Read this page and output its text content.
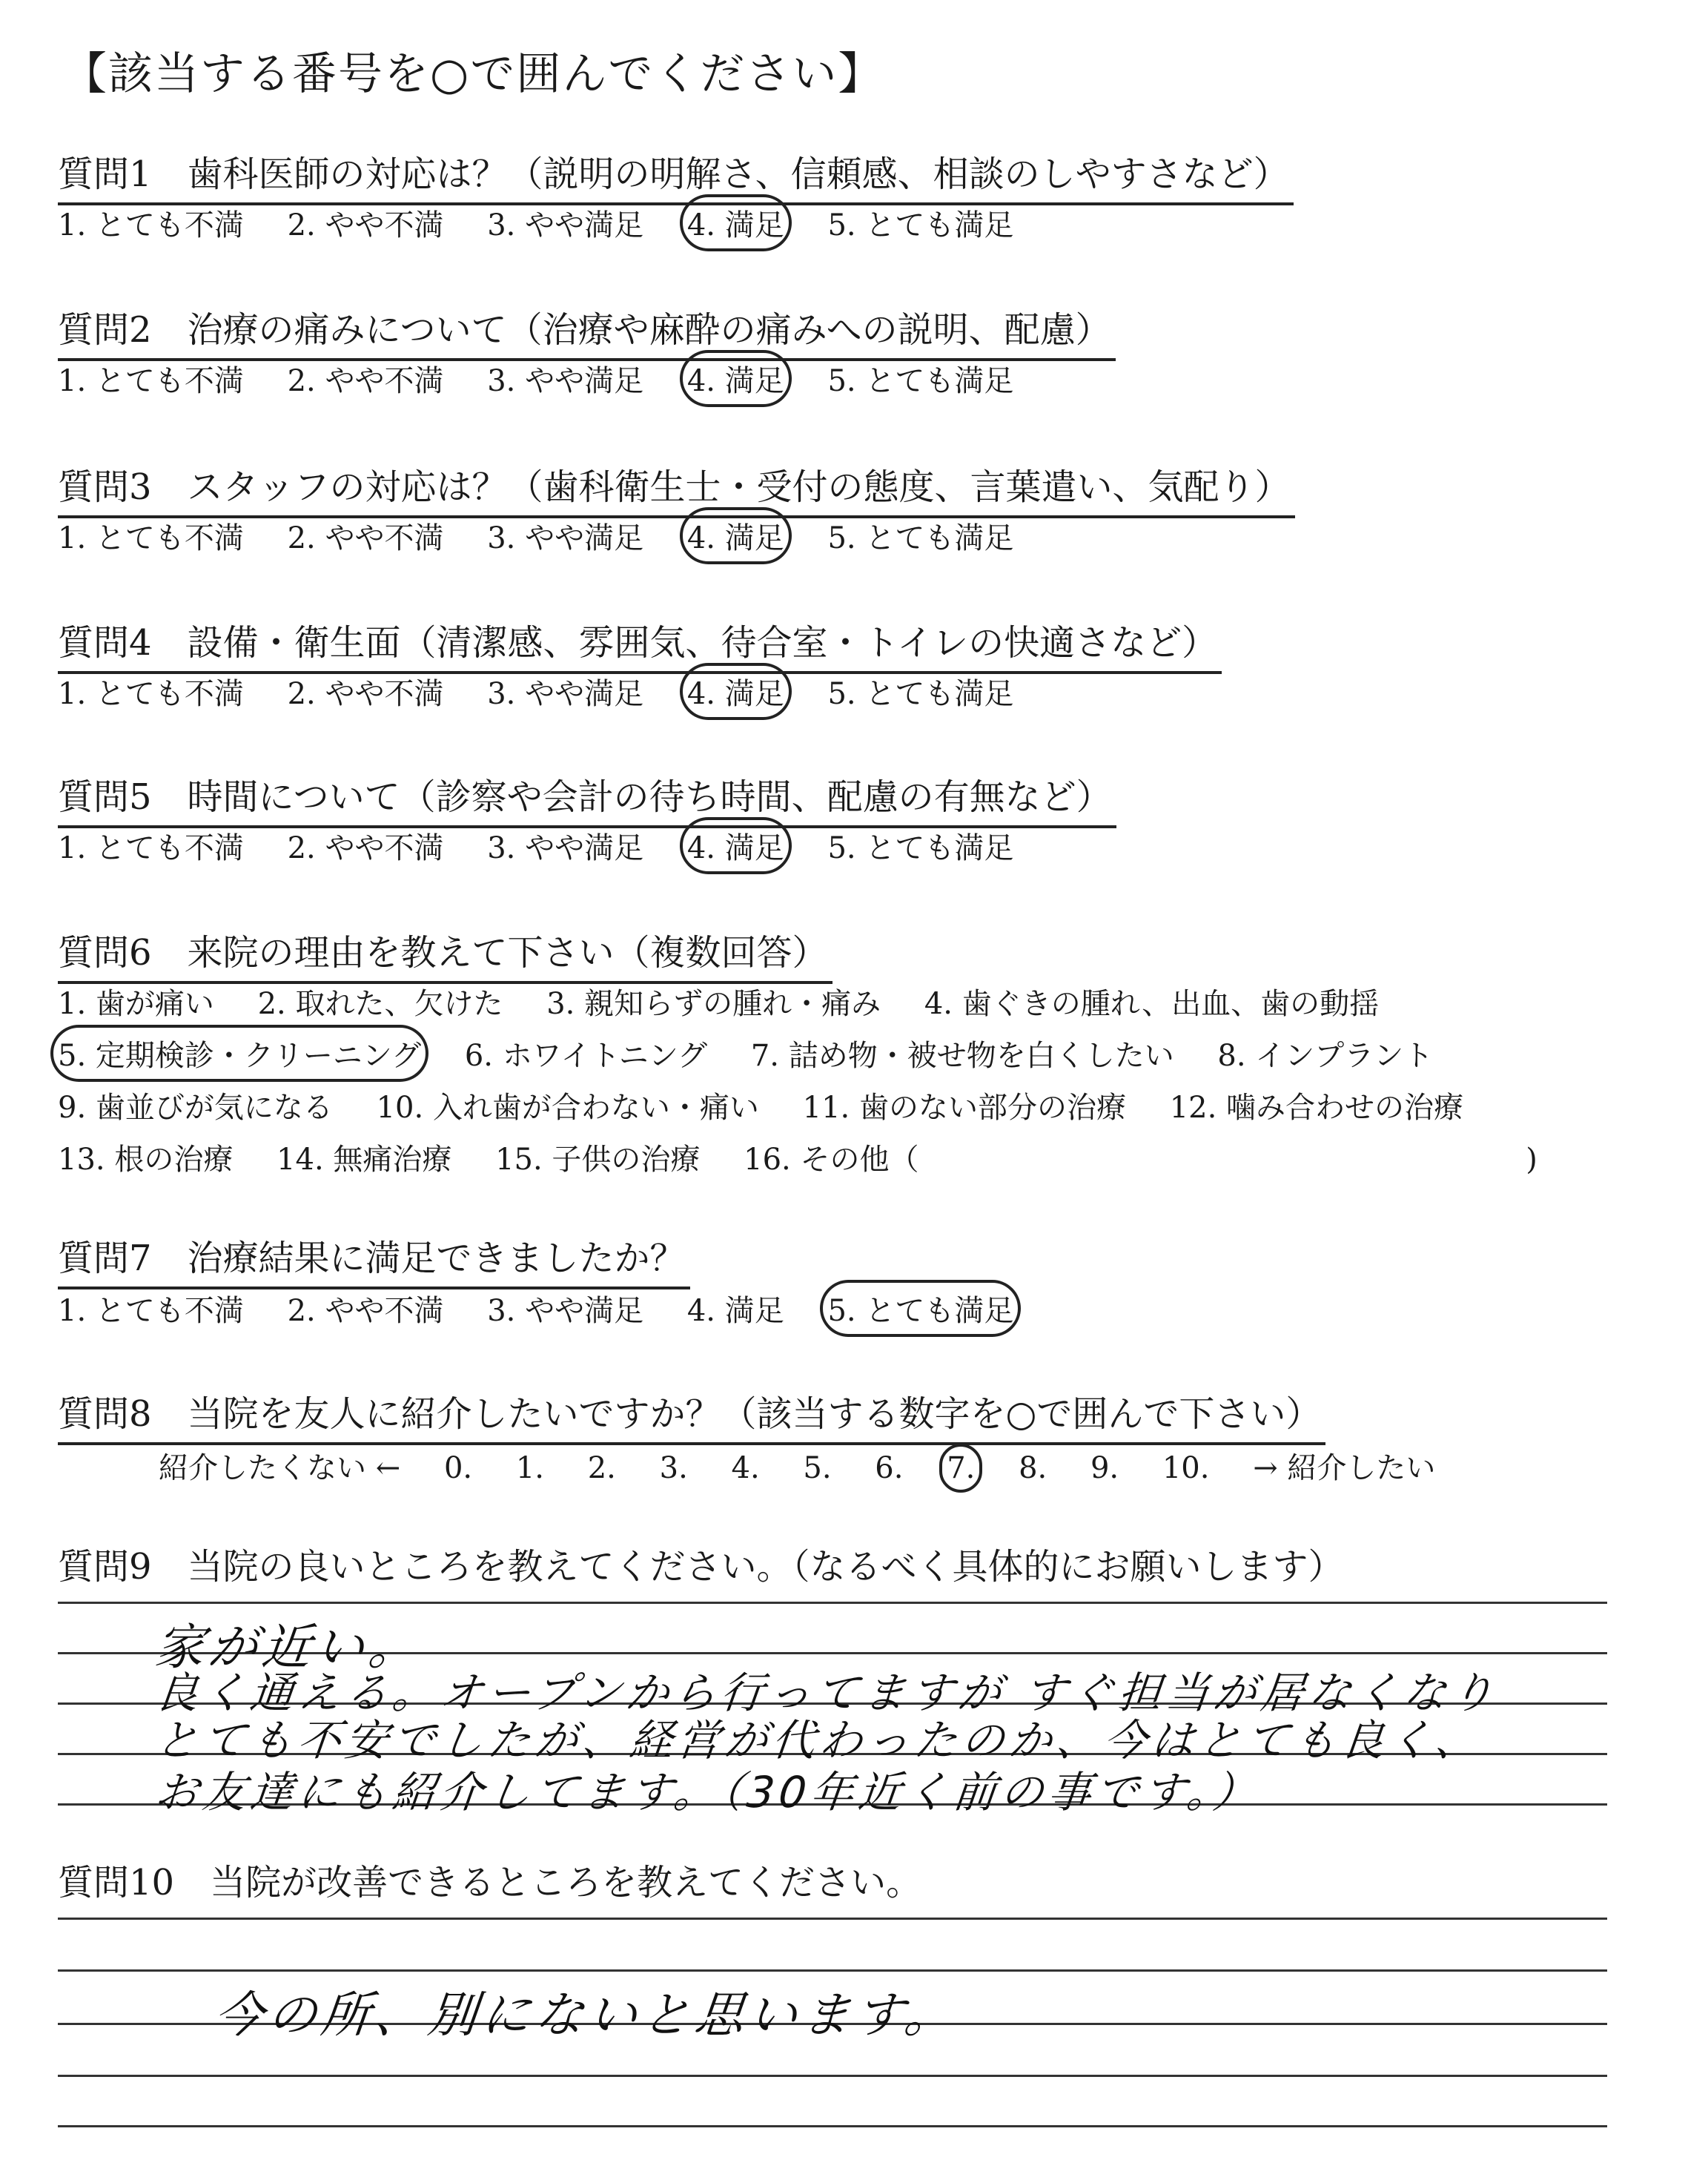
【該当する番号を○で囲んでください】
質問1　歯科医師の対応は？（説明の明解さ、信頼感、相談のしやすさなど）
1. とても不満 2. やや不満 3. やや満足 4. 満足 5. とても満足
質問2　治療の痛みについて（治療や麻酔の痛みへの説明、配慮）
1. とても不満 2. やや不満 3. やや満足 4. 満足 5. とても満足
質問3　スタッフの対応は？（歯科衛生士・受付の態度、言葉遣い、気配り）
1. とても不満 2. やや不満 3. やや満足 4. 満足 5. とても満足
質問4　設備・衛生面（清潔感、雰囲気、待合室・トイレの快適さなど）
1. とても不満 2. やや不満 3. やや満足 4. 満足 5. とても満足
質問5　時間について（診察や会計の待ち時間、配慮の有無など）
1. とても不満 2. やや不満 3. やや満足 4. 満足 5. とても満足
質問6　来院の理由を教えて下さい（複数回答）
1. 歯が痛い 2. 取れた、欠けた 3. 親知らずの腫れ・痛み 4. 歯ぐきの腫れ、出血、歯の動揺
5. 定期検診・クリーニング 6. ホワイトニング 7. 詰め物・被せ物を白くしたい 8. インプラント
9. 歯並びが気になる 10. 入れ歯が合わない・痛い 11. 歯のない部分の治療 12. 噛み合わせの治療
13. 根の治療 14. 無痛治療 15. 子供の治療 16. その他（	)
質問7　治療結果に満足できましたか？
1. とても不満 2. やや不満 3. やや満足 4. 満足 5. とても満足
質問8　当院を友人に紹介したいですか？（該当する数字を○で囲んで下さい）
紹介したくない ← 0. 1. 2. 3. 4. 5. 6. 7. 8. 9. 10. → 紹介したい
質問9　当院の良いところを教えてください。（なるべく具体的にお願いします）
家が近い。
良く通える。オープンから行ってますが すぐ担当が居なくなり
とても不安でしたが、経営が代わったのか、今はとても良く、
お友達にも紹介してます。（30年近く前の事です。）
質問10　当院が改善できるところを教えてください。
今の所、別にないと思います。
